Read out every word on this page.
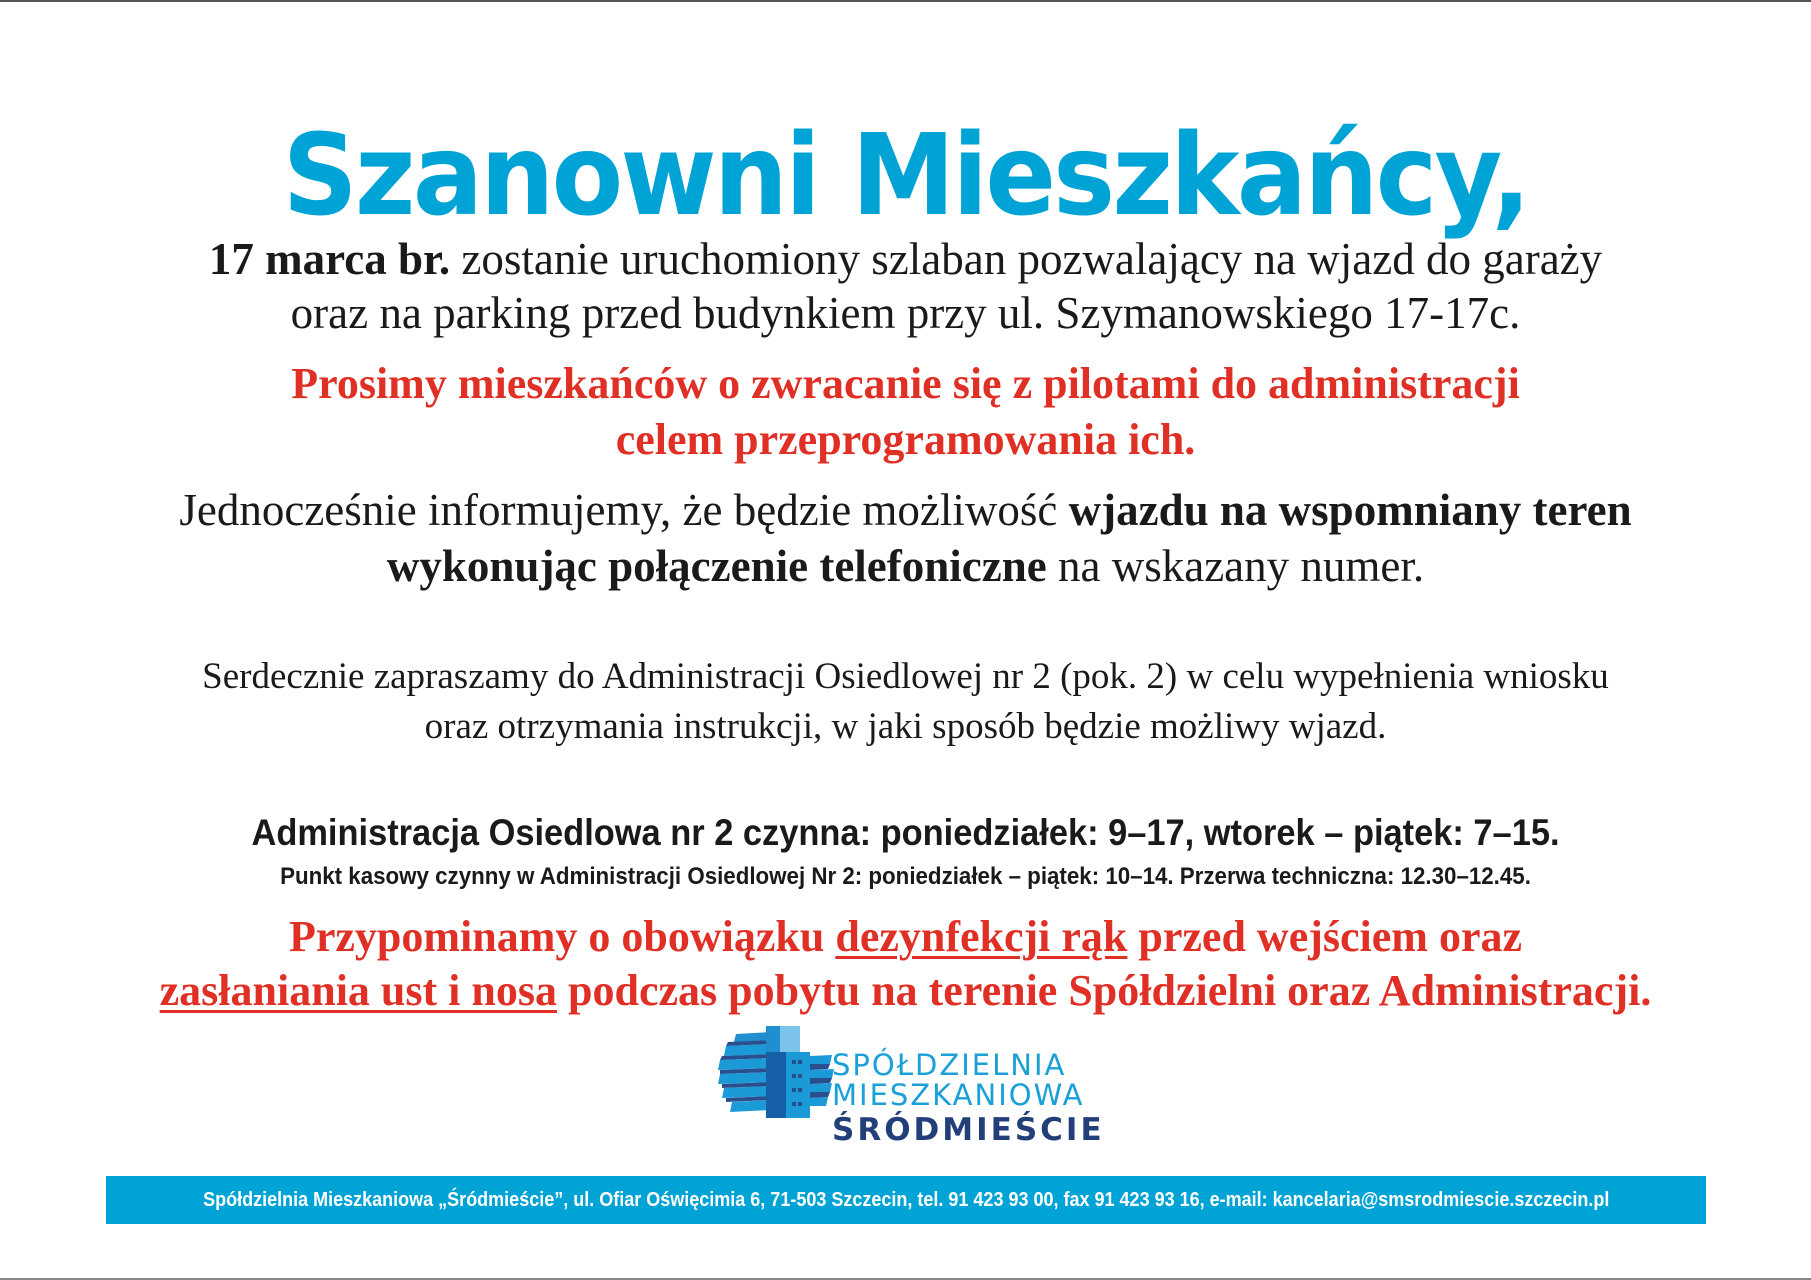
Szanowni Mieszkańcy,
17 marca br. zostanie uruchomiony szlaban pozwalający na wjazd do garaży
oraz na parking przed budynkiem przy ul. Szymanowskiego 17-17c.
Prosimy mieszkańców o zwracanie się z pilotami do administracji
celem przeprogramowania ich.
Jednocześnie informujemy, że będzie możliwość wjazdu na wspomniany teren
wykonując połączenie telefoniczne na wskazany numer.
Serdecznie zapraszamy do Administracji Osiedlowej nr 2 (pok. 2) w celu wypełnienia wniosku
oraz otrzymania instrukcji, w jaki sposób będzie możliwy wjazd.
Administracja Osiedlowa nr 2 czynna: poniedziałek: 9–17, wtorek – piątek: 7–15.
Punkt kasowy czynny w Administracji Osiedlowej Nr 2: poniedziałek – piątek: 10–14. Przerwa techniczna: 12.30–12.45.
Przypominamy o obowiązku dezynfekcji rąk przed wejściem oraz
zasłaniania ust i nosa podczas pobytu na terenie Spółdzielni oraz Administracji.
SPÓŁDZIELNIA
MIESZKANIOWA
ŚRÓDMIEŚCIE
Spółdzielnia Mieszkaniowa „Śródmieście”, ul. Ofiar Oświęcimia 6, 71-503 Szczecin, tel. 91 423 93 00, fax 91 423 93 16, e-mail: kancelaria@smsrodmiescie.szczecin.pl
